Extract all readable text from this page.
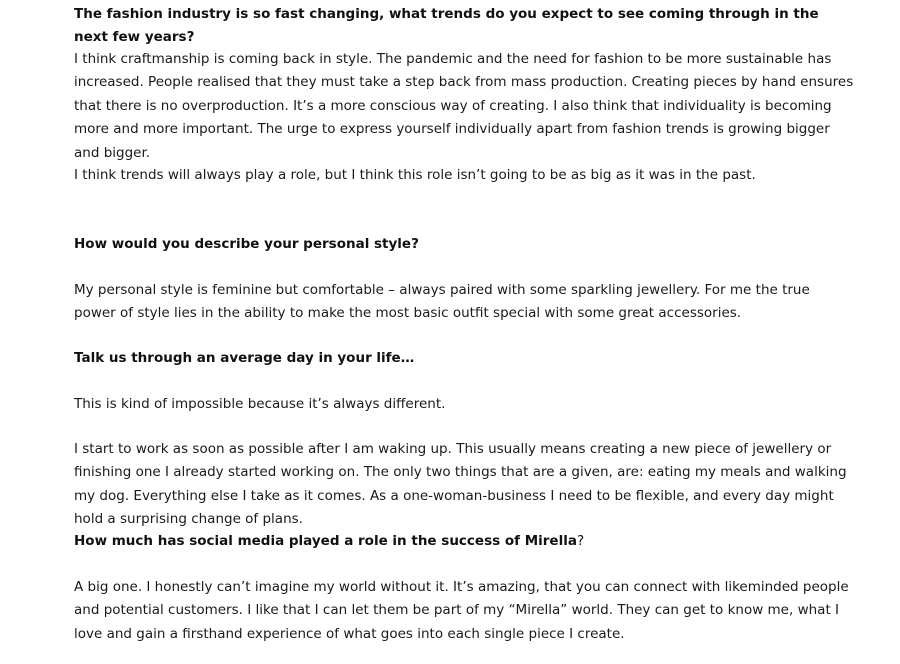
The fashion industry is so fast changing, what trends do you expect to see coming through in the next few years?

I think craftmanship is coming back in style. The pandemic and the need for fashion to be more sustainable has increased. People realised that they must take a step back from mass production. Creating pieces by hand ensures that there is no overproduction. It’s a more conscious way of creating. I also think that individuality is becoming more and more important. The urge to express yourself individually apart from fashion trends is growing bigger and bigger.

I think trends will always play a role, but I think this role isn’t going to be as big as it was in the past.

How would you describe your personal style?

My personal style is feminine but comfortable – always paired with some sparkling jewellery. For me the true power of style lies in the ability to make the most basic outfit special with some great accessories.

Talk us through an average day in your life…

This is kind of impossible because it’s always different.

I start to work as soon as possible after I am waking up. This usually means creating a new piece of jewellery or finishing one I already started working on. The only two things that are a given, are: eating my meals and walking my dog. Everything else I take as it comes. As a one-woman-business I need to be flexible, and every day might hold a surprising change of plans.

How much has social media played a role in the success of Mirella?

A big one. I honestly can’t imagine my world without it. It’s amazing, that you can connect with likeminded people and potential customers. I like that I can let them be part of my “Mirella” world. They can get to know me, what I love and gain a firsthand experience of what goes into each single piece I create.
